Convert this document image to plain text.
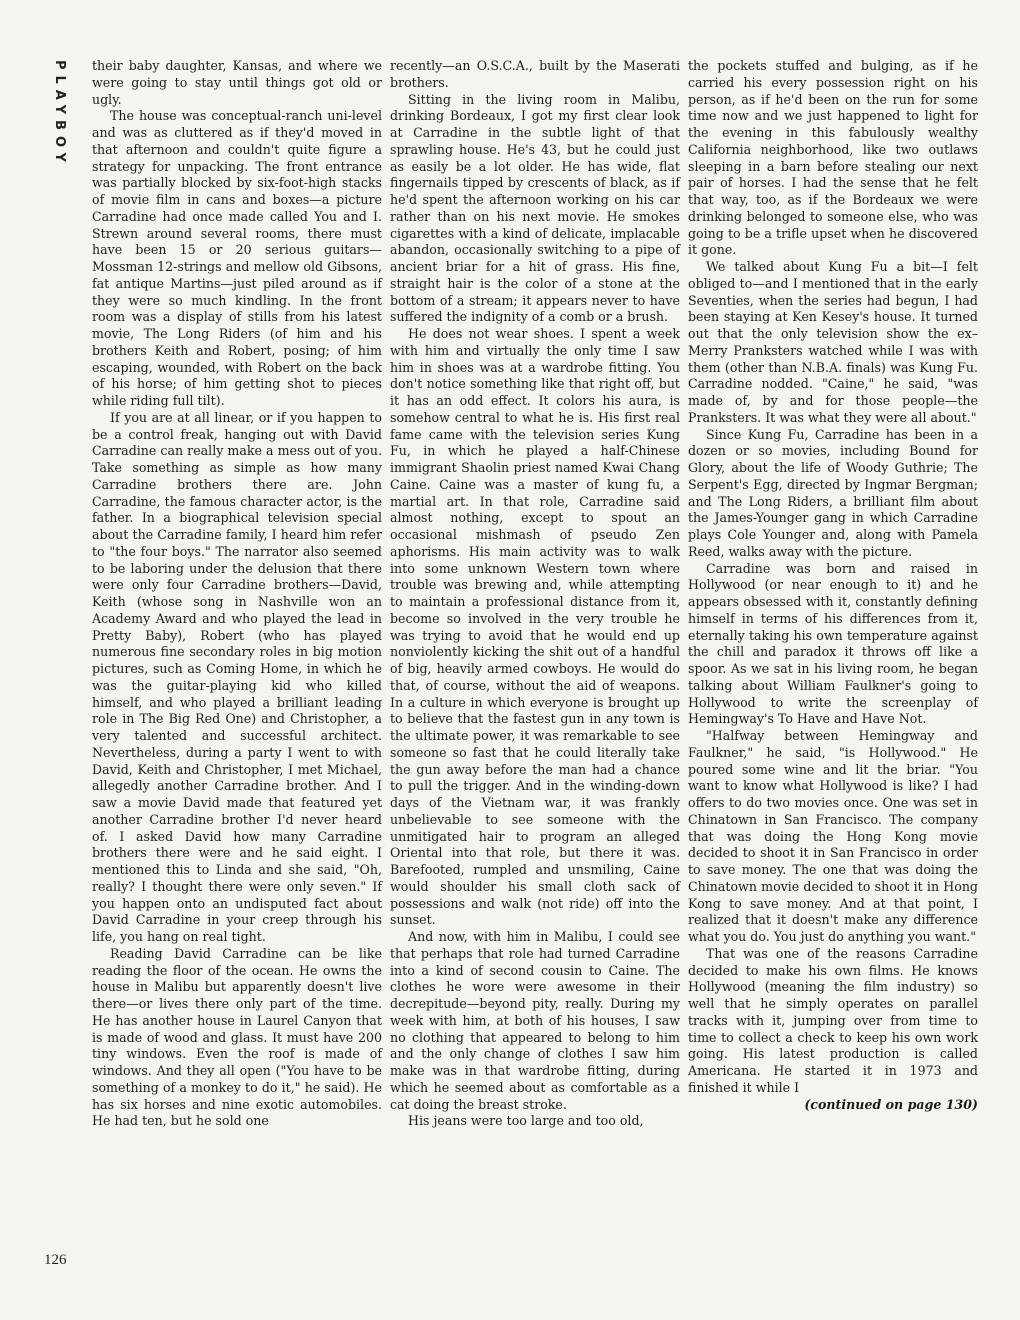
PLAYBOY their baby daughter, Kansas, and where we were going to stay until things got old or ugly.

The house was conceptual-ranch uni-level and was as cluttered as if they'd moved in that afternoon and couldn't quite figure a strategy for unpacking. The front entrance was partially blocked by six-foot-high stacks of movie film in cans and boxes—a picture Carradine had once made called You and I. Strewn around several rooms, there must have been 15 or 20 serious guitars—Mossman 12-strings and mellow old Gibsons, fat antique Martins—just piled around as if they were so much kindling. In the front room was a display of stills from his latest movie, The Long Riders (of him and his brothers Keith and Robert, posing; of him escaping, wounded, with Robert on the back of his horse; of him getting shot to pieces while riding full tilt).

If you are at all linear, or if you happen to be a control freak, hanging out with David Carradine can really make a mess out of you. Take something as simple as how many Carradine brothers there are. John Carradine, the famous character actor, is the father. In a biographical television special about the Carradine family, I heard him refer to "the four boys." The narrator also seemed to be laboring under the delusion that there were only four Carradine brothers—David, Keith (whose song in Nashville won an Academy Award and who played the lead in Pretty Baby), Robert (who has played numerous fine secondary roles in big motion pictures, such as Coming Home, in which he was the guitar-playing kid who killed himself, and who played a brilliant leading role in The Big Red One) and Christopher, a very talented and successful architect. Nevertheless, during a party I went to with David, Keith and Christopher, I met Michael, allegedly another Carradine brother. And I saw a movie David made that featured yet another Carradine brother I'd never heard of. I asked David how many Carradine brothers there were and he said eight. I mentioned this to Linda and she said, "Oh, really? I thought there were only seven." If you happen onto an undisputed fact about David Carradine in your creep through his life, you hang on real tight.

Reading David Carradine can be like reading the floor of the ocean. He owns the house in Malibu but apparently doesn't live there—or lives there only part of the time. He has another house in Laurel Canyon that is made of wood and glass. It must have 200 tiny windows. Even the roof is made of windows. And they all open ("You have to be something of a monkey to do it," he said). He has six horses and nine exotic automobiles. He had ten, but he sold one

recently—an O.S.C.A., built by the Maserati brothers.

Sitting in the living room in Malibu, drinking Bordeaux, I got my first clear look at Carradine in the subtle light of that sprawling house. He's 43, but he could just as easily be a lot older. He has wide, flat fingernails tipped by crescents of black, as if he'd spent the afternoon working on his car rather than on his next movie. He smokes cigarettes with a kind of delicate, implacable abandon, occasionally switching to a pipe of ancient briar for a hit of grass. His fine, straight hair is the color of a stone at the bottom of a stream; it appears never to have suffered the indignity of a comb or a brush.

He does not wear shoes. I spent a week with him and virtually the only time I saw him in shoes was at a wardrobe fitting. You don't notice something like that right off, but it has an odd effect. It colors his aura, is somehow central to what he is. His first real fame came with the television series Kung Fu, in which he played a half-Chinese immigrant Shaolin priest named Kwai Chang Caine. Caine was a master of kung fu, a martial art. In that role, Carradine said almost nothing, except to spout an occasional mishmash of pseudo Zen aphorisms. His main activity was to walk into some unknown Western town where trouble was brewing and, while attempting to maintain a professional distance from it, become so involved in the very trouble he was trying to avoid that he would end up nonviolently kicking the shit out of a handful of big, heavily armed cowboys. He would do that, of course, without the aid of weapons. In a culture in which everyone is brought up to believe that the fastest gun in any town is the ultimate power, it was remarkable to see someone so fast that he could literally take the gun away before the man had a chance to pull the trigger. And in the winding-down days of the Vietnam war, it was frankly unbelievable to see someone with the unmitigated hair to program an alleged Oriental into that role, but there it was. Barefooted, rumpled and unsmiling, Caine would shoulder his small cloth sack of possessions and walk (not ride) off into the sunset.

And now, with him in Malibu, I could see that perhaps that role had turned Carradine into a kind of second cousin to Caine. The clothes he wore were awesome in their decrepitude—beyond pity, really. During my week with him, at both of his houses, I saw no clothing that appeared to belong to him and the only change of clothes I saw him make was in that wardrobe fitting, during which he seemed about as comfortable as a cat doing the breast stroke.

His jeans were too large and too old,

the pockets stuffed and bulging, as if he carried his every possession right on his person, as if he'd been on the run for some time now and we just happened to light for the evening in this fabulously wealthy California neighborhood, like two outlaws sleeping in a barn before stealing our next pair of horses. I had the sense that he felt that way, too, as if the Bordeaux we were drinking belonged to someone else, who was going to be a trifle upset when he discovered it gone.

We talked about Kung Fu a bit—I felt obliged to—and I mentioned that in the early Seventies, when the series had begun, I had been staying at Ken Kesey's house. It turned out that the only television show the ex–Merry Pranksters watched while I was with them (other than N.B.A. finals) was Kung Fu. Carradine nodded. "Caine," he said, "was made of, by and for those people—the Pranksters. It was what they were all about."

Since Kung Fu, Carradine has been in a dozen or so movies, including Bound for Glory, about the life of Woody Guthrie; The Serpent's Egg, directed by Ingmar Bergman; and The Long Riders, a brilliant film about the James-Younger gang in which Carradine plays Cole Younger and, along with Pamela Reed, walks away with the picture.

Carradine was born and raised in Hollywood (or near enough to it) and he appears obsessed with it, constantly defining himself in terms of his differences from it, eternally taking his own temperature against the chill and paradox it throws off like a spoor. As we sat in his living room, he began talking about William Faulkner's going to Hollywood to write the screenplay of Hemingway's To Have and Have Not.

"Halfway between Hemingway and Faulkner," he said, "is Hollywood." He poured some wine and lit the briar. "You want to know what Hollywood is like? I had offers to do two movies once. One was set in Chinatown in San Francisco. The company that was doing the Hong Kong movie decided to shoot it in San Francisco in order to save money. The one that was doing the Chinatown movie decided to shoot it in Hong Kong to save money. And at that point, I realized that it doesn't make any difference what you do. You just do anything you want."

That was one of the reasons Carradine decided to make his own films. He knows Hollywood (meaning the film industry) so well that he simply operates on parallel tracks with it, jumping over from time to time to collect a check to keep his own work going. His latest production is called Americana. He started it in 1973 and finished it while I

(continued on page 130)

126
